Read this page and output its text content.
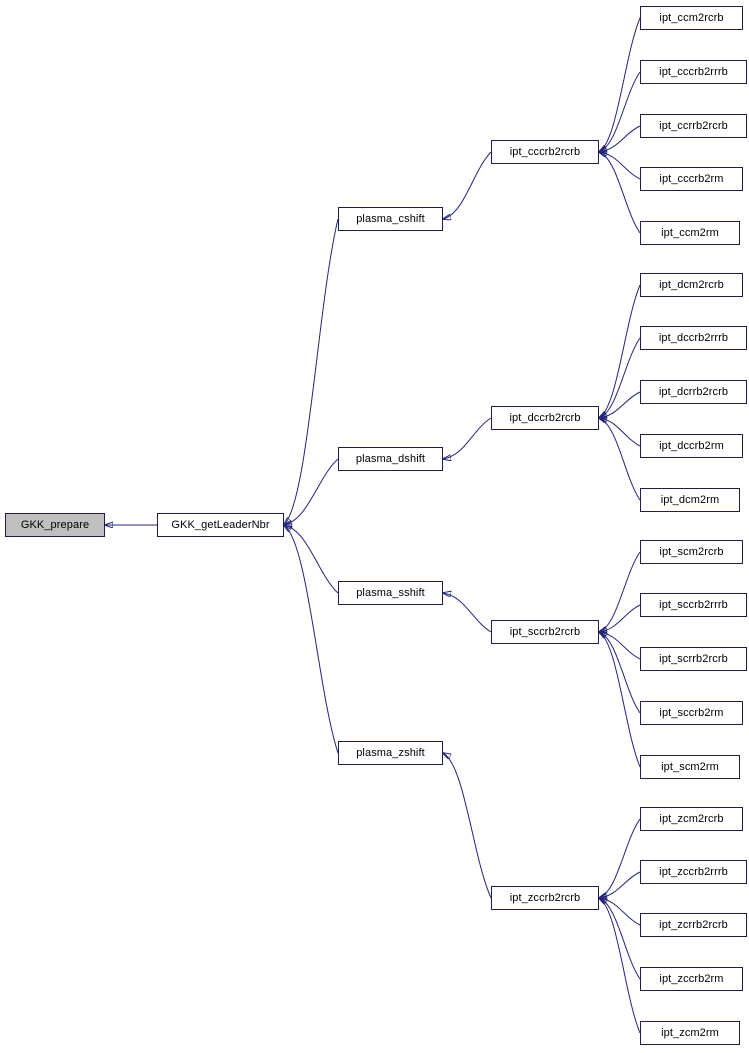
GKK_prepare	GKK_getLeaderNbr
plasma_cshift
plasma_dshift
plasma_sshift
plasma_zshift
ipt_cccrb2rcrb
ipt_dccrb2rcrb
ipt_sccrb2rcrb
ipt_zccrb2rcrb
ipt_ccm2rcrb
ipt_cccrb2rrrb
ipt_ccrrb2rcrb
ipt_cccrb2rm
ipt_ccm2rm
ipt_dcm2rcrb
ipt_dccrb2rrrb
ipt_dcrrb2rcrb
ipt_dccrb2rm
ipt_dcm2rm
ipt_scm2rcrb
ipt_sccrb2rrrb
ipt_scrrb2rcrb
ipt_sccrb2rm
ipt_scm2rm
ipt_zcm2rcrb
ipt_zccrb2rrrb
ipt_zcrrb2rcrb
ipt_zccrb2rm
ipt_zcm2rm
